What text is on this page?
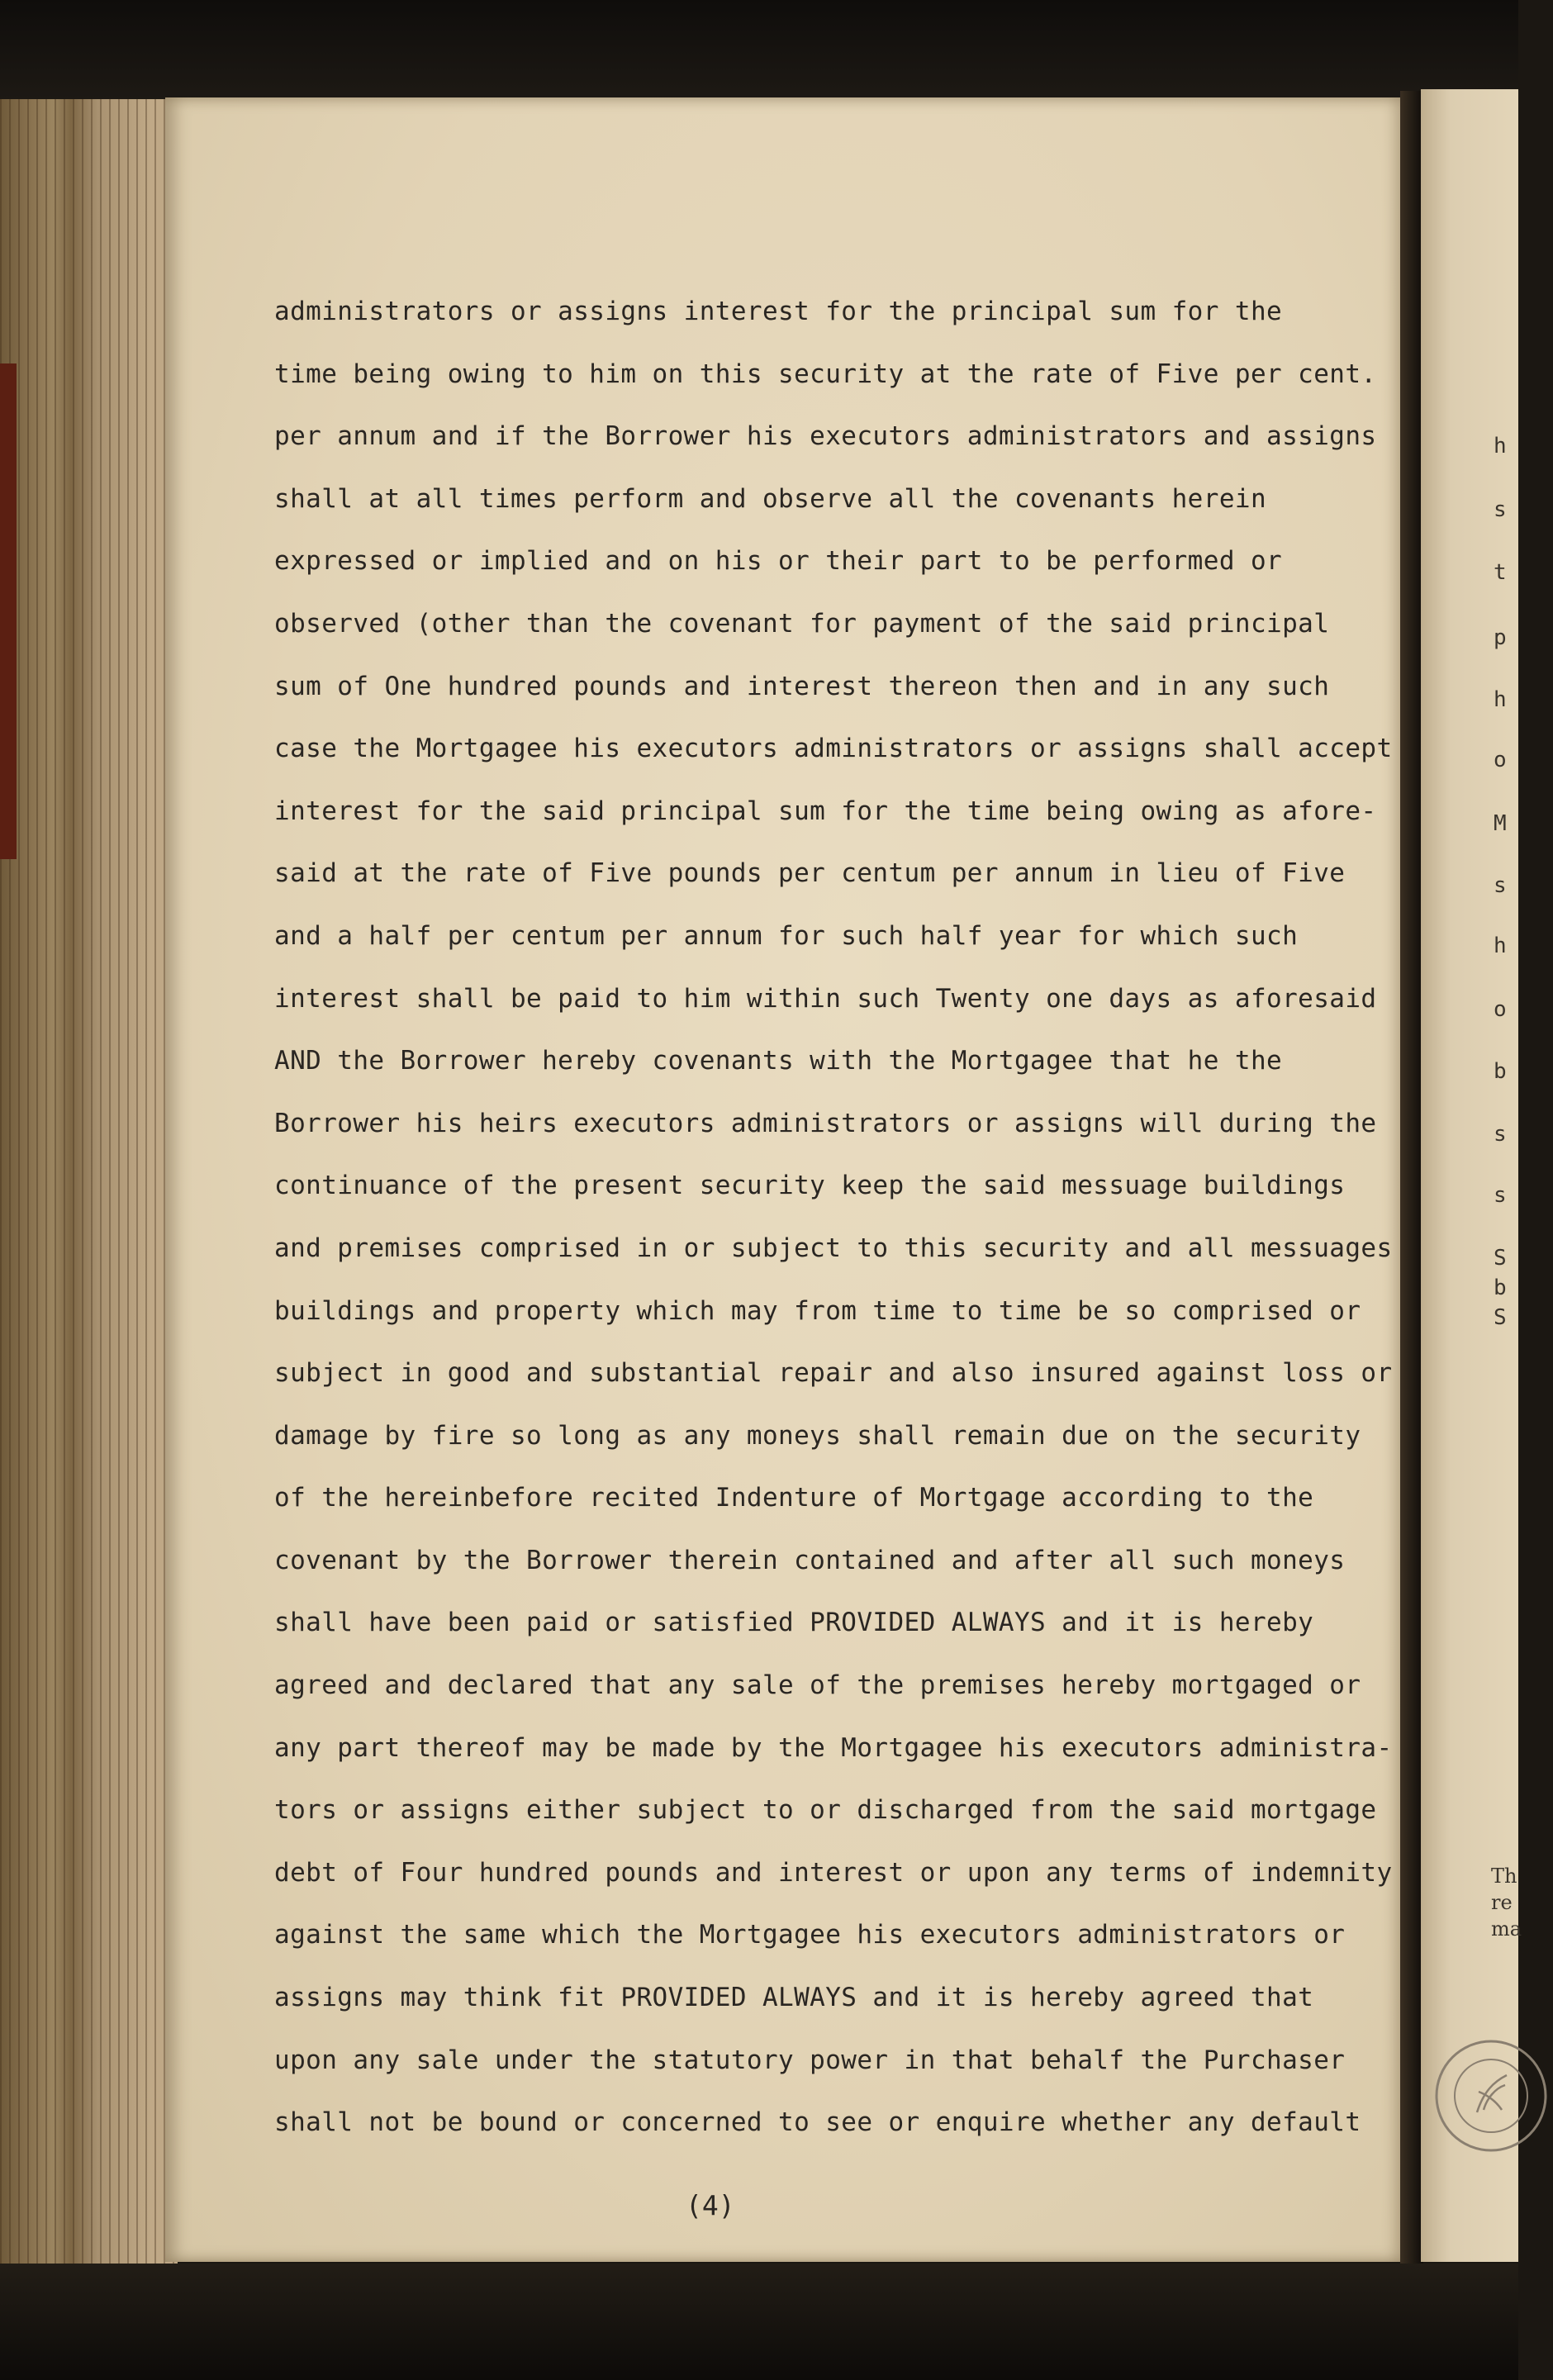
administrators or assigns interest for the principal sum for the
time being owing to him on this security at the rate of Five per cent.
per annum and if the Borrower his executors administrators and assigns
shall at all times perform and observe all the covenants herein
expressed or implied and on his or their part to be performed or
observed (other than the covenant for payment of the said principal
sum of One hundred pounds and interest thereon then and in any such
case the Mortgagee his executors administrators or assigns shall accept
interest for the said principal sum for the time being owing as afore-
said at the rate of Five pounds per centum per annum in lieu of Five
and a half per centum per annum for such half year for which such
interest shall be paid to him within such Twenty one days as aforesaid
AND the Borrower hereby covenants with the Mortgagee that he the
Borrower his heirs executors administrators or assigns will during the
continuance of the present security keep the said messuage buildings
and premises comprised in or subject to this security and all messuages
buildings and property which may from time to time be so comprised or
subject in good and substantial repair and also insured against loss or
damage by fire so long as any moneys shall remain due on the security
of the hereinbefore recited Indenture of Mortgage according to the
covenant by the Borrower therein contained and after all such moneys
shall have been paid or satisfied PROVIDED ALWAYS and it is hereby
agreed and declared that any sale of the premises hereby mortgaged or
any part thereof may be made by the Mortgagee his executors administra-
tors or assigns either subject to or discharged from the said mortgage
debt of Four hundred pounds and interest or upon any terms of indemnity
against the same which the Mortgagee his executors administrators or
assigns may think fit PROVIDED ALWAYS and it is hereby agreed that
upon any sale under the statutory power in that behalf the Purchaser
shall not be bound or concerned to see or enquire whether any default
(4)
h
s
t
p
h
o
M
s
h
o
b
s
s
S
b
S
Th
re
ma
